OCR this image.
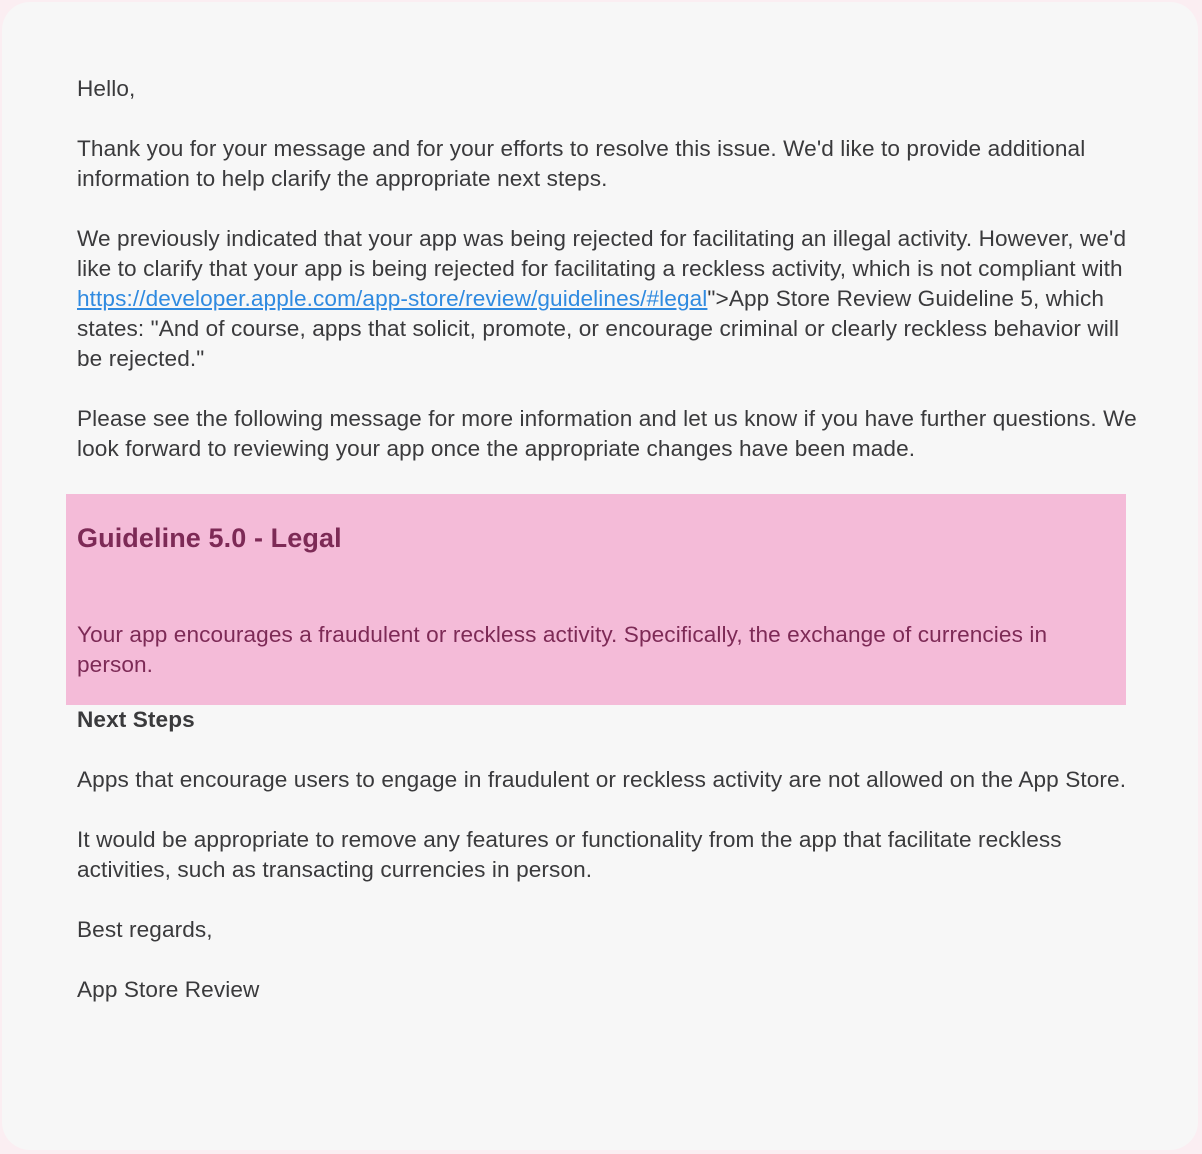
Hello,

Thank you for your message and for your efforts to resolve this issue. We'd like to provide additional information to help clarify the appropriate next steps.

We previously indicated that your app was being rejected for facilitating an illegal activity. However, we'd like to clarify that your app is being rejected for facilitating a reckless activity, which is not compliant with https://developer.apple.com/app-store/review/guidelines/#legal">App Store Review Guideline 5, which states: "And of course, apps that solicit, promote, or encourage criminal or clearly reckless behavior will be rejected."

Please see the following message for more information and let us know if you have further questions. We look forward to reviewing your app once the appropriate changes have been made.

Guideline 5.0 - Legal

Your app encourages a fraudulent or reckless activity. Specifically, the exchange of currencies in person.

Next Steps

Apps that encourage users to engage in fraudulent or reckless activity are not allowed on the App Store.

It would be appropriate to remove any features or functionality from the app that facilitate reckless activities, such as transacting currencies in person.

Best regards,

App Store Review
